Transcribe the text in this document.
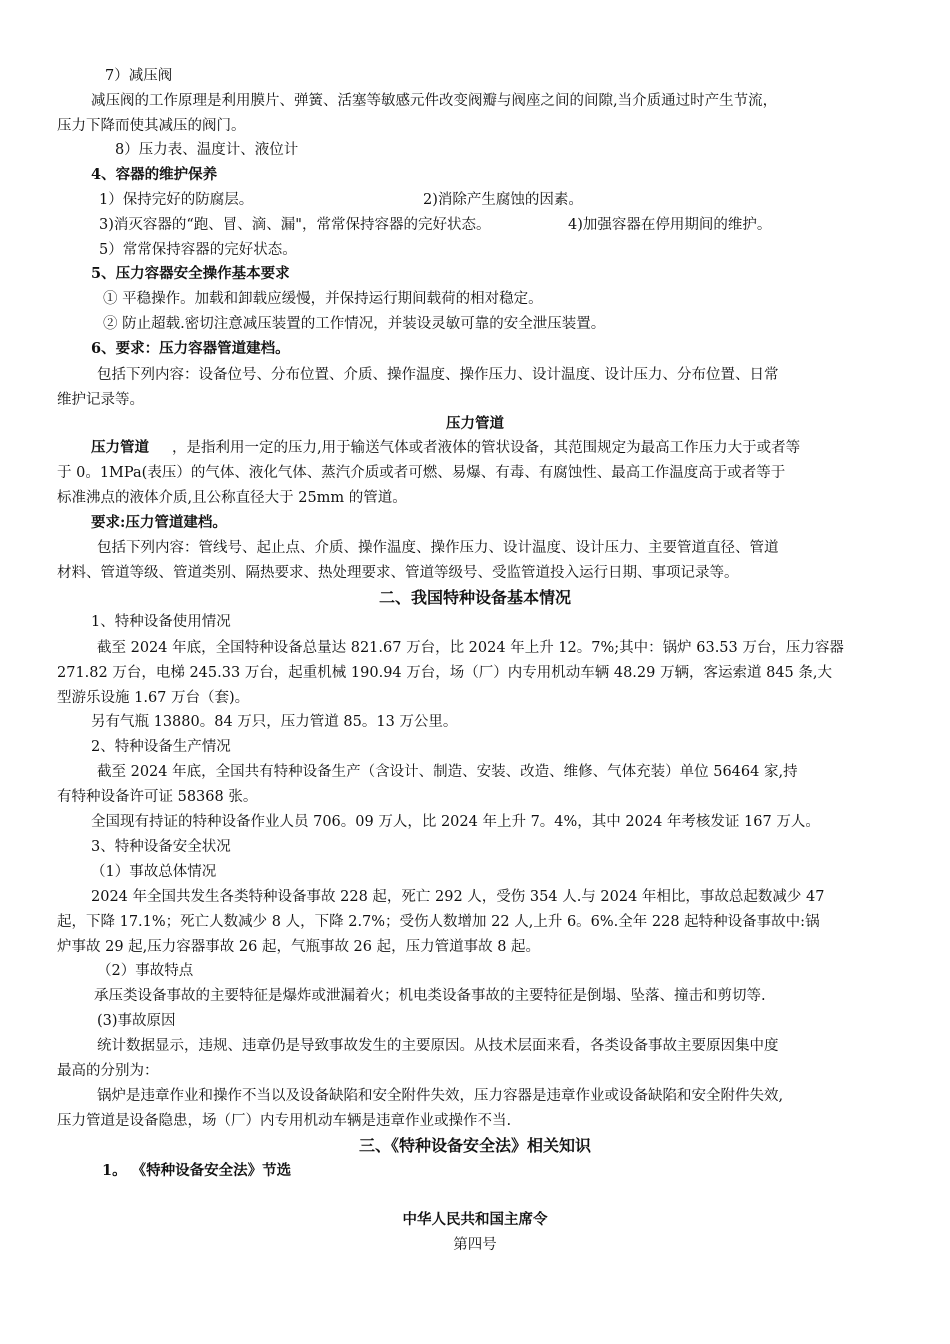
7）减压阀
减压阀的工作原理是利用膜片、弹簧、活塞等敏感元件改变阀瓣与阀座之间的间隙,当介质通过时产生节流，
压力下降而使其减压的阀门。
8）压力表、温度计、液位计
4、容器的维护保养
1）保持完好的防腐层。	2)消除产生腐蚀的因素。
3)消灭容器的“跑、冒、滴、漏"，常常保持容器的完好状态。	4)加强容器在停用期间的维护。
5）常常保持容器的完好状态。
5、压力容器安全操作基本要求
① 平稳操作。加载和卸载应缓慢，并保持运行期间载荷的相对稳定。
② 防止超载.密切注意减压装置的工作情况，并装设灵敏可靠的安全泄压装置。
6、要求：压力容器管道建档。
包括下列内容：设备位号、分布位置、介质、操作温度、操作压力、设计温度、设计压力、分布位置、日常
维护记录等。
压力管道
压力管道 ，是指利用一定的压力,用于输送气体或者液体的管状设备，其范围规定为最高工作压力大于或者等
于 0。1MPa(表压）的气体、液化气体、蒸汽介质或者可燃、易爆、有毒、有腐蚀性、最高工作温度高于或者等于
标准沸点的液体介质,且公称直径大于 25mm 的管道。
要求:压力管道建档。
包括下列内容：管线号、起止点、介质、操作温度、操作压力、设计温度、设计压力、主要管道直径、管道
材料、管道等级、管道类别、隔热要求、热处理要求、管道等级号、受监管道投入运行日期、事项记录等。
二、我国特种设备基本情况
1、特种设备使用情况
截至 2024 年底，全国特种设备总量达 821.67 万台，比 2024 年上升 12。7%;其中：锅炉 63.53 万台，压力容器
271.82 万台，电梯 245.33 万台，起重机械 190.94 万台，场（厂）内专用机动车辆 48.29 万辆，客运索道 845 条,大
型游乐设施 1.67 万台（套)。
另有气瓶 13880。84 万只，压力管道 85。13 万公里。
2、特种设备生产情况
截至 2024 年底，全国共有特种设备生产（含设计、制造、安装、改造、维修、气体充装）单位 56464 家,持
有特种设备许可证 58368 张。
全国现有持证的特种设备作业人员 706。09 万人，比 2024 年上升 7。4%，其中 2024 年考核发证 167 万人。
3、特种设备安全状况
（1）事故总体情况
2024 年全国共发生各类特种设备事故 228 起，死亡 292 人，受伤 354 人.与 2024 年相比，事故总起数减少 47
起，下降 17.1%；死亡人数减少 8 人，下降 2.7%；受伤人数增加 22 人,上升 6。6%.全年 228 起特种设备事故中:锅
炉事故 29 起,压力容器事故 26 起，气瓶事故 26 起，压力管道事故 8 起。
（2）事故特点
承压类设备事故的主要特征是爆炸或泄漏着火；机电类设备事故的主要特征是倒塌、坠落、撞击和剪切等.
(3)事故原因
统计数据显示，违规、违章仍是导致事故发生的主要原因。从技术层面来看，各类设备事故主要原因集中度
最高的分别为：
锅炉是违章作业和操作不当以及设备缺陷和安全附件失效，压力容器是违章作业或设备缺陷和安全附件失效,
压力管道是设备隐患，场（厂）内专用机动车辆是违章作业或操作不当.
三、《特种设备安全法》相关知识
1。 《特种设备安全法》节选
中华人民共和国主席令
第四号
